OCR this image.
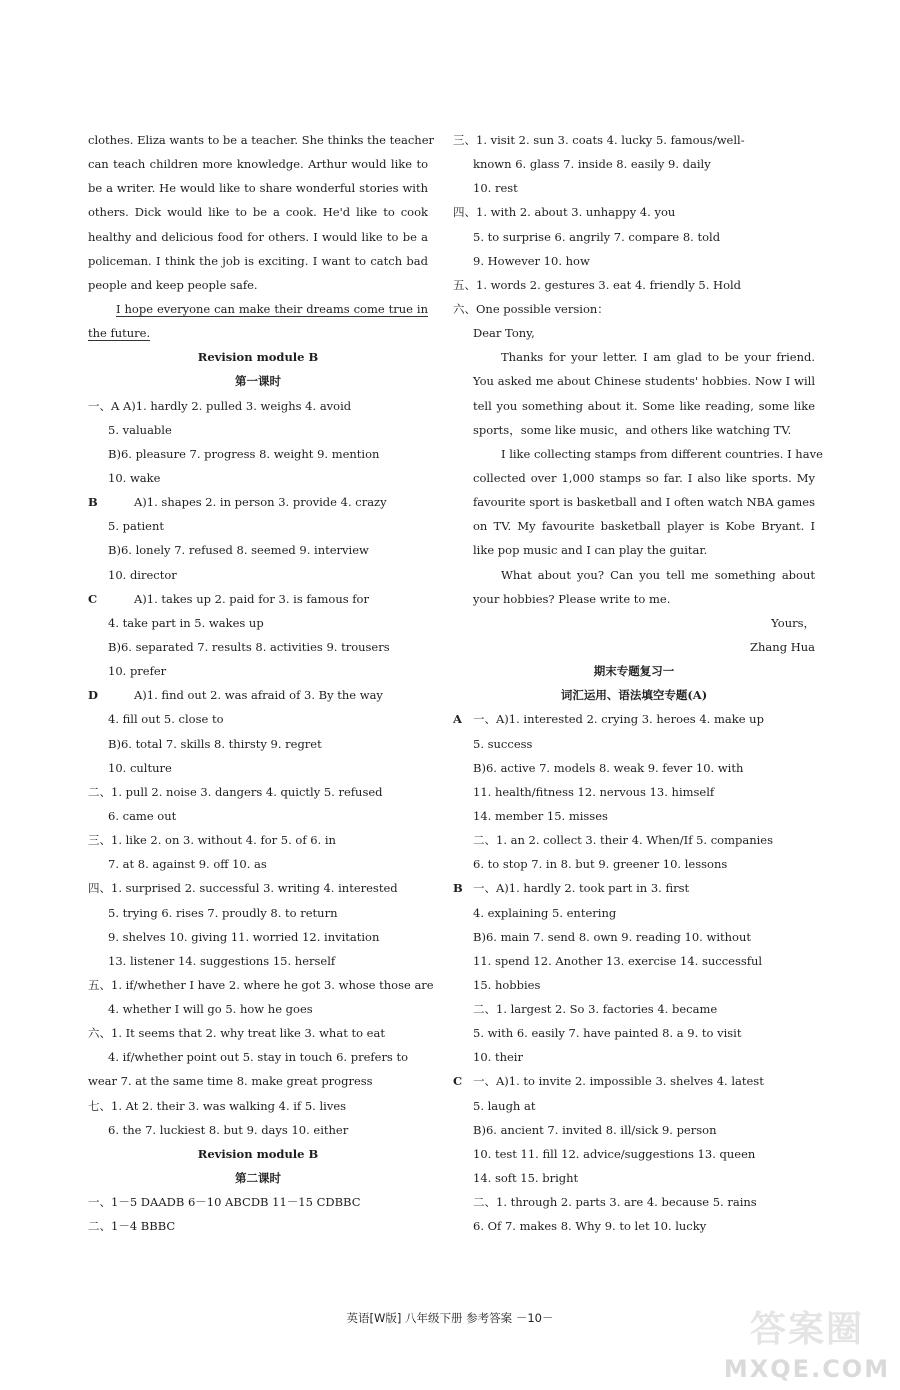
clothes. Eliza wants to be a teacher. She thinks the teacher
can teach children more knowledge. Arthur would like to
be a writer. He would like to share wonderful stories with
others. Dick would like to be a cook. He'd like to cook
healthy and delicious food for others. I would like to be a
policeman. I think the job is exciting. I want to catch bad
people and keep people safe.
I hope everyone can make their dreams come true in
the future.
Revision module B
第一课时
一、A A)1. hardly 2. pulled 3. weighs 4. avoid
5. valuable
B)6. pleasure 7. progress 8. weight 9. mention
10. wake
B	A)1. shapes 2. in person 3. provide 4. crazy
5. patient
B)6. lonely 7. refused 8. seemed 9. interview
10. director
C	A)1. takes up 2. paid for 3. is famous for
4. take part in 5. wakes up
B)6. separated 7. results 8. activities 9. trousers
10. prefer
D	A)1. find out 2. was afraid of 3. By the way
4. fill out 5. close to
B)6. total 7. skills 8. thirsty 9. regret
10. culture
二、1. pull 2. noise 3. dangers 4. quictly 5. refused
6. came out
三、1. like 2. on 3. without 4. for 5. of 6. in
7. at 8. against 9. off 10. as
四、1. surprised 2. successful 3. writing 4. interested
5. trying 6. rises 7. proudly 8. to return
9. shelves 10. giving 11. worried 12. invitation
13. listener 14. suggestions 15. herself
五、1. if/whether I have 2. where he got 3. whose those are
4. whether I will go 5. how he goes
六、1. It seems that 2. why treat like 3. what to eat
4. if/whether point out 5. stay in touch 6. prefers to
wear 7. at the same time 8. make great progress
七、1. At 2. their 3. was walking 4. if 5. lives
6. the 7. luckiest 8. but 9. days 10. either
Revision module B
第二课时
一、1－5 DAADB 6－10 ABCDB 11－15 CDBBC
二、1－4 BBBC
三、1. visit 2. sun 3. coats 4. lucky 5. famous/well-
known 6. glass 7. inside 8. easily 9. daily
10. rest
四、1. with 2. about 3. unhappy 4. you
5. to surprise 6. angrily 7. compare 8. told
9. However 10. how
五、1. words 2. gestures 3. eat 4. friendly 5. Hold
六、One possible version：
Dear Tony,
Thanks for your letter. I am glad to be your friend.
You asked me about Chinese students' hobbies. Now I will
tell you something about it. Some like reading, some like
sports，some like music，and others like watching TV.
I like collecting stamps from different countries. I have
collected over 1,000 stamps so far. I also like sports. My
favourite sport is basketball and I often watch NBA games
on TV. My favourite basketball player is Kobe Bryant. I
like pop music and I can play the guitar.
What about you? Can you tell me something about
your hobbies? Please write to me.
Yours，
Zhang Hua
期末专题复习一
词汇运用、语法填空专题(A)
A 一、A)1. interested 2. crying 3. heroes 4. make up
5. success
B)6. active 7. models 8. weak 9. fever 10. with
11. health/fitness 12. nervous 13. himself
14. member 15. misses
二、1. an 2. collect 3. their 4. When/If 5. companies
6. to stop 7. in 8. but 9. greener 10. lessons
B 一、A)1. hardly 2. took part in 3. first
4. explaining 5. entering
B)6. main 7. send 8. own 9. reading 10. without
11. spend 12. Another 13. exercise 14. successful
15. hobbies
二、1. largest 2. So 3. factories 4. became
5. with 6. easily 7. have painted 8. a 9. to visit
10. their
C 一、A)1. to invite 2. impossible 3. shelves 4. latest
5. laugh at
B)6. ancient 7. invited 8. ill/sick 9. person
10. test 11. fill 12. advice/suggestions 13. queen
14. soft 15. bright
二、1. through 2. parts 3. are 4. because 5. rains
6. Of 7. makes 8. Why 9. to let 10. lucky
英语[W版] 八年级下册 参考答案 －10－	答案圈
MXQE.COM
